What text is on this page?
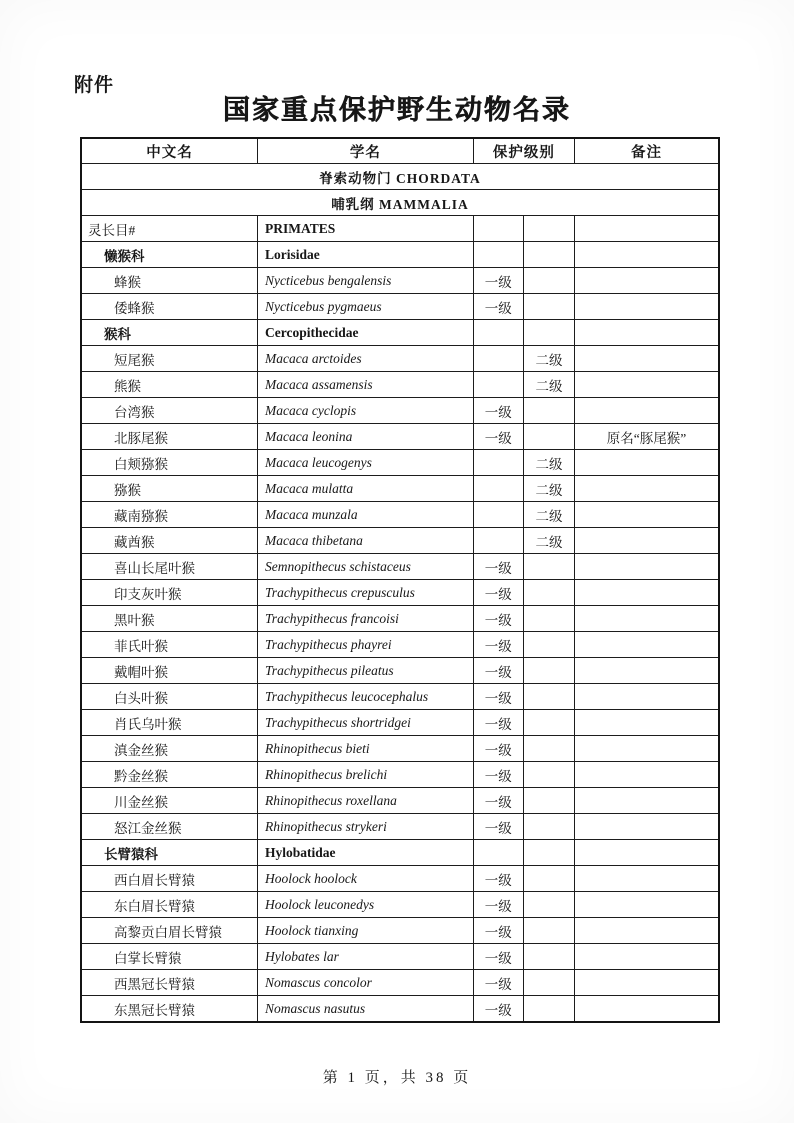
附件
国家重点保护野生动物名录
中文名	学名	保护级别		备注
脊索动物门 CHORDATA				
哺乳纲 MAMMALIA				
灵长目#	PRIMATES			
懒猴科	Lorisidae			
蜂猴	Nycticebus bengalensis	一级		
倭蜂猴	Nycticebus pygmaeus	一级		
猴科	Cercopithecidae			
短尾猴	Macaca arctoides		二级	
熊猴	Macaca assamensis		二级	
台湾猴	Macaca cyclopis	一级		
北豚尾猴	Macaca leonina	一级		原名“豚尾猴”
白颊猕猴	Macaca leucogenys		二级	
猕猴	Macaca mulatta		二级	
藏南猕猴	Macaca munzala		二级	
藏酋猴	Macaca thibetana		二级	
喜山长尾叶猴	Semnopithecus schistaceus	一级		
印支灰叶猴	Trachypithecus crepusculus	一级		
黑叶猴	Trachypithecus francoisi	一级		
菲氏叶猴	Trachypithecus phayrei	一级		
戴帽叶猴	Trachypithecus pileatus	一级		
白头叶猴	Trachypithecus leucocephalus	一级		
肖氏乌叶猴	Trachypithecus shortridgei	一级		
滇金丝猴	Rhinopithecus bieti	一级		
黔金丝猴	Rhinopithecus brelichi	一级		
川金丝猴	Rhinopithecus roxellana	一级		
怒江金丝猴	Rhinopithecus strykeri	一级		
长臂猿科	Hylobatidae			
西白眉长臂猿	Hoolock hoolock	一级		
东白眉长臂猿	Hoolock leuconedys	一级		
高黎贡白眉长臂猿	Hoolock tianxing	一级		
白掌长臂猿	Hylobates lar	一级		
西黑冠长臂猿	Nomascus concolor	一级		
东黑冠长臂猿	Nomascus nasutus	一级		
第 1 页，共 38 页
